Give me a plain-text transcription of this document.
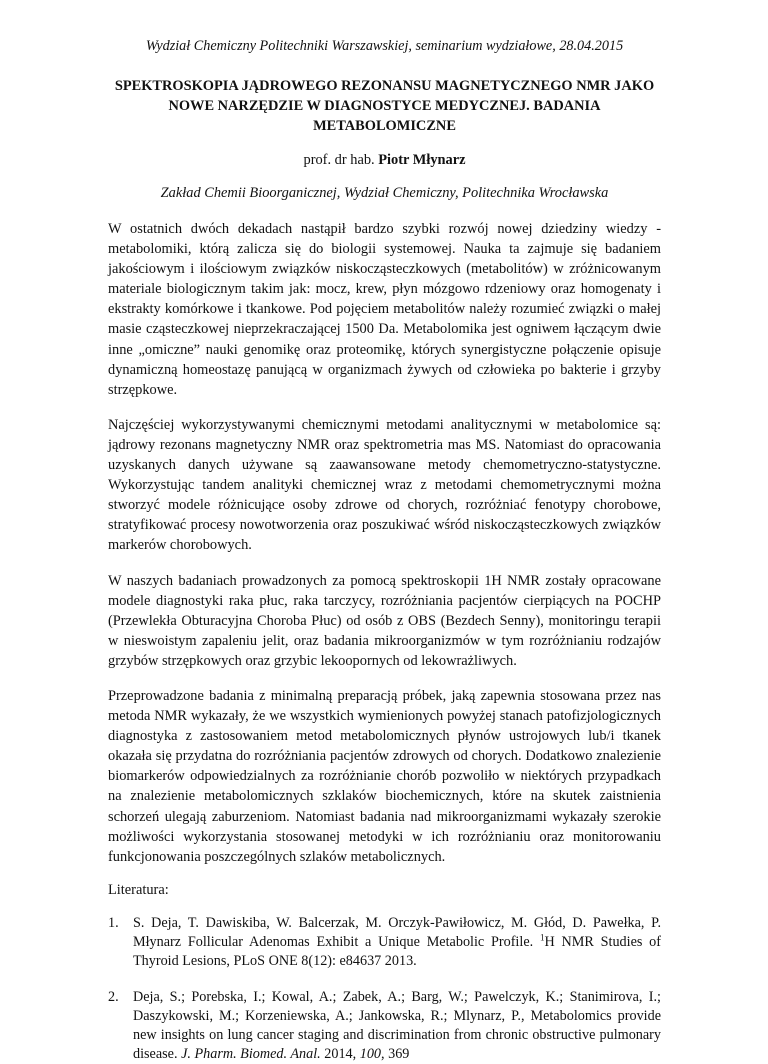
Wydział Chemiczny Politechniki Warszawskiej, seminarium wydziałowe, 28.04.2015
SPEKTROSKOPIA JĄDROWEGO REZONANSU MAGNETYCZNEGO NMR JAKO
NOWE NARZĘDZIE W DIAGNOSTYCE MEDYCZNEJ. BADANIA METABOLOMICZNE
prof. dr hab. Piotr Młynarz
Zakład Chemii Bioorganicznej, Wydział Chemiczny, Politechnika Wrocławska

W ostatnich dwóch dekadach nastąpił bardzo szybki rozwój nowej dziedziny wiedzy - metabolomiki, którą zalicza się do biologii systemowej. Nauka ta zajmuje się badaniem jakościowym i ilościowym związków niskocząsteczkowych (metabolitów) w zróżnicowanym materiale biologicznym takim jak: mocz, krew, płyn mózgowo rdzeniowy oraz homogenaty i ekstrakty komórkowe i tkankowe. Pod pojęciem metabolitów należy rozumieć związki o małej masie cząsteczkowej nieprzekraczającej 1500 Da. Metabolomika jest ogniwem łączącym dwie inne „omiczne” nauki genomikę oraz proteomikę, których synergistyczne połączenie opisuje dynamiczną homeostazę panującą w organizmach żywych od człowieka po bakterie i grzyby strzępkowe.

Najczęściej wykorzystywanymi chemicznymi metodami analitycznymi w metabolomice są: jądrowy rezonans magnetyczny NMR oraz spektrometria mas MS. Natomiast do opracowania uzyskanych danych używane są zaawansowane metody chemometryczno-statystyczne. Wykorzystując tandem analityki chemicznej wraz z metodami chemometrycznymi można stworzyć modele różnicujące osoby zdrowe od chorych, rozróżniać fenotypy chorobowe, stratyfikować procesy nowotworzenia oraz poszukiwać wśród niskocząsteczkowych związków markerów chorobowych.

W naszych badaniach prowadzonych za pomocą spektroskopii 1H NMR zostały opracowane modele diagnostyki raka płuc, raka tarczycy, rozróżniania pacjentów cierpiących na POCHP (Przewlekła Obturacyjna Choroba Płuc) od osób z OBS (Bezdech Senny), monitoringu terapii w nieswoistym zapaleniu jelit, oraz badania mikroorganizmów w tym rozróżnianiu rodzajów grzybów strzępkowych oraz grzybic lekoopornych od lekowrażliwych.

Przeprowadzone badania z minimalną preparacją próbek, jaką zapewnia stosowana przez nas metoda NMR wykazały, że we wszystkich wymienionych powyżej stanach patofizjologicznych diagnostyka z zastosowaniem metod metabolomicznych płynów ustrojowych lub/i tkanek okazała się przydatna do rozróżniania pacjentów zdrowych od chorych. Dodatkowo znalezienie biomarkerów odpowiedzialnych za rozróżnianie chorób pozwoliło w niektórych przypadkach na znalezienie metabolomicznych szklaków biochemicznych, które na skutek zaistnienia schorzeń ulegają zaburzeniom. Natomiast badania nad mikroorganizmami wykazały szerokie możliwości wykorzystania stosowanej metodyki w ich rozróżnianiu oraz monitorowaniu funkcjonowania poszczególnych szlaków metabolicznych.

Literatura:
1. S. Deja, T. Dawiskiba, W. Balcerzak, M. Orczyk-Pawiłowicz, M. Głód, D. Pawełka, P. Młynarz Follicular Adenomas Exhibit a Unique Metabolic Profile. $^1$H NMR Studies of Thyroid Lesions, PLoS ONE 8(12): e84637 2013.
2. Deja, S.; Porebska, I.; Kowal, A.; Zabek, A.; Barg, W.; Pawelczyk, K.; Stanimirova, I.; Daszykowski, M.; Korzeniewska, A.; Jankowska, R.; Mlynarz, P., Metabolomics provide new insights on lung cancer staging and discrimination from chronic obstructive pulmonary disease. J. Pharm. Biomed. Anal. 2014, 100, 369
